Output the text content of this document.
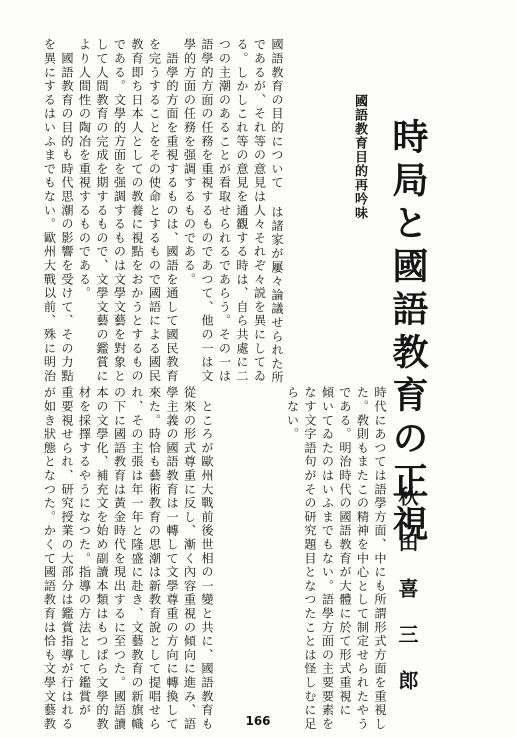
時局と國語教育の正視
秋田喜三郎
國語教育目的再吟味
國語教育の目的について は諸家が屢々論議せられた所
であるが、それ等の意見は人々それぞ々説を異にしてゐ
る。しかしこれ等の意見を通觀する時は、自ら共處に二
つの主潮のあることが看取せられるであらう。その一は
語學的方面の任務を重視するものであつて、他の一は文
學的方面の任務を强調するものである。
　語學的方面を重視するものは、國語を通して國民教育
を完うすることをその使命とするもので國語による國民
教育即ち日本人としての教養に視點をおかうとするもの
である。文學的方面を强調するものは文學文藝を對象と
して人間教育の完成を期するもので、文學文藝の鑑賞に
より人間性の陶冶を重視するものである。
　國語教育の目的も時代思潮の影響を受けて、その力點
を異にするはいふまでもない。歐州大戰以前、殊に明治
時代にあつては語學方面、中にも所謂形式方面を重視し
た。敎則もまたこの精神を中心として制定せられたやう
である。明治時代の國語教育が大體に於て形式重視に
傾いてゐたのはいふまでもない。語學方面の主要要素を
なす文字語句がその研究題目となつたことは怪しむに足
らない。
　ところが歐州大戰前後世相の一變と共に、國語教育も
從來の形式尊重に反し、漸く內容重視の傾向に進み、語
學主義の國語教育は一轉して文學尊重の方向に轉換して
來た。時恰も藝術教育の思潮は新教育說として提唱せら
れ、その主張は年一年と隆盛に赴き、文藝教育の新旗幟
の下に國語教育は黃金時代を現出するに至つた。國語讀
本の文學化、補充文を始め副讀本類はもつぱら文學的教
材を採擇するやうになつた。指導の方法として鑑賞が
重要視せられ、研究授業の大部分は鑑賞指導が行はれる
が如き狀態となつた。かくて國語教育は恰も文學文藝教	166
